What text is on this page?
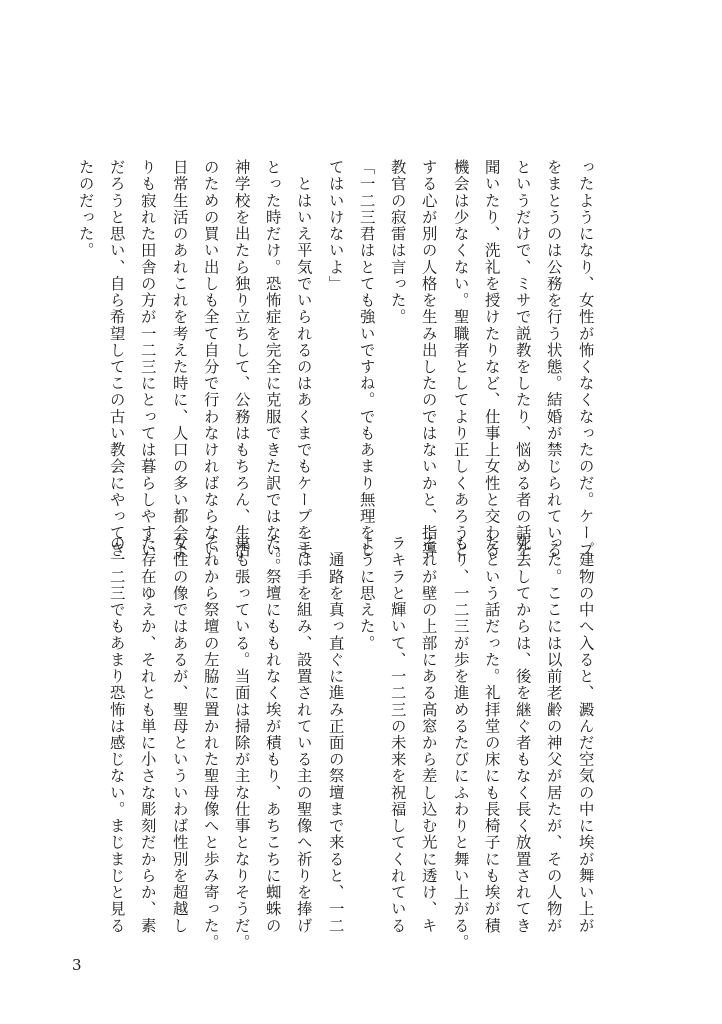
ったようになり、女性が怖くなくなったのだ。ケープ
をまとうのは公務を行う状態。結婚が禁じられている
というだけで、ミサで説教をしたり、悩める者の話を
聞いたり、洗礼を授けたりなど、仕事上女性と交わる
機会は少なくない。聖職者としてより正しくあろうと
する心が別の人格を生み出したのではないかと、指導
教官の寂雷は言った。
「一二三君はとても強いですね。でもあまり無理をし
てはいけないよ」
　とはいえ平気でいられるのはあくまでもケープをま
とった時だけ。恐怖症を完全に克服できた訳ではない。
神学校を出たら独り立ちして、公務はもちろん、生活
のための買い出しも全て自分で行わなければならない。
日常生活のあれこれを考えた時に、人口の多い都会よ
りも寂れた田舎の方が一二三にとっては暮らしやすい
だろうと思い、自ら希望してこの古い教会にやってき
たのだった。
　建物の中へ入ると、澱んだ空気の中に埃が舞い上が
った。ここには以前老齢の神父が居たが、その人物が
死去してからは、後を継ぐ者もなく長く放置されてき
たという話だった。礼拝堂の床にも長椅子にも埃が積
もり、一二三が歩を進めるたびにふわりと舞い上がる。
それが壁の上部にある高窓から差し込む光に透け、キ
ラキラと輝いて、一二三の未来を祝福してくれている
ように思えた。
　通路を真っ直ぐに進み正面の祭壇まで来ると、一二
三は手を組み、設置されている主の聖像へ祈りを捧げ
た。祭壇にももれなく埃が積もり、あちこちに蜘蛛の
巣も張っている。当面は掃除が主な仕事となりそうだ。
それから祭壇の左脇に置かれた聖母像へと歩み寄った。
女性の像ではあるが、聖母といういわば性別を超越し
た存在ゆえか、それとも単に小さな彫刻だからか、素
の一二三でもあまり恐怖は感じない。まじまじと見る
3
